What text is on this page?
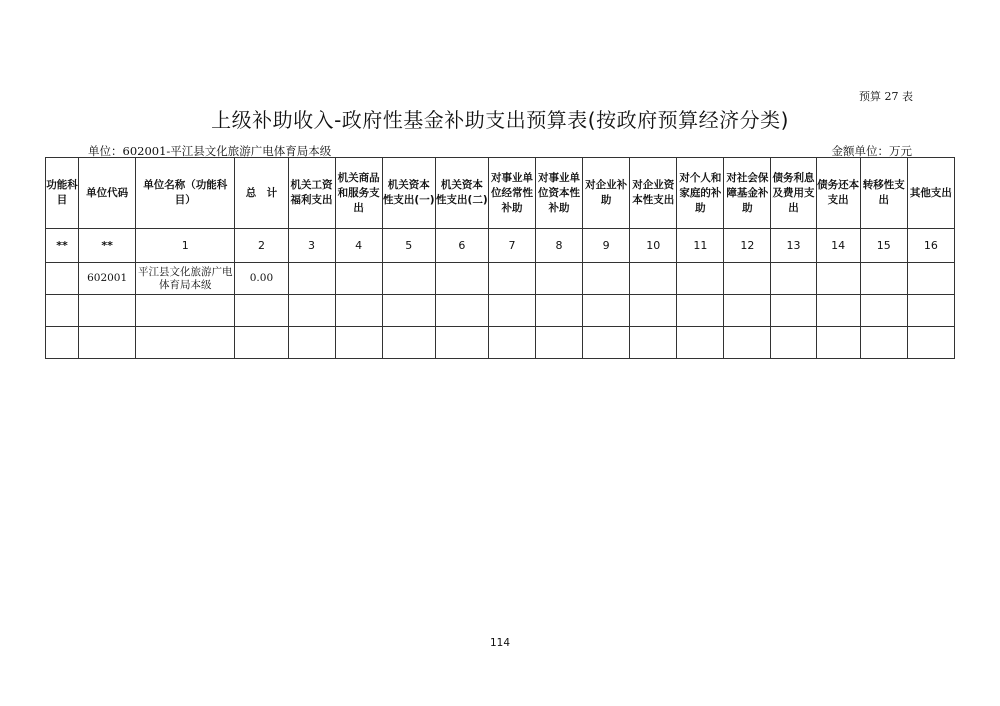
预算 27 表
上级补助收入-政府性基金补助支出预算表(按政府预算经济分类)
单位：602001-平江县文化旅游广电体育局本级	金额单位：万元
功能科目	单位代码	单位名称（功能科目）	总　计	机关工资福利支出	机关商品和服务支出	机关资本性支出(一)	机关资本性支出(二)	对事业单位经常性补助	对事业单位资本性补助	对企业补助	对企业资本性支出	对个人和家庭的补助	对社会保障基金补助	债务利息及费用支出	债务还本支出	转移性支出	其他支出
**	**	1	2	3	4	5	6	7	8	9	10	11	12	13	14	15	16
	602001	平江县文化旅游广电体育局本级	0.00														

114
